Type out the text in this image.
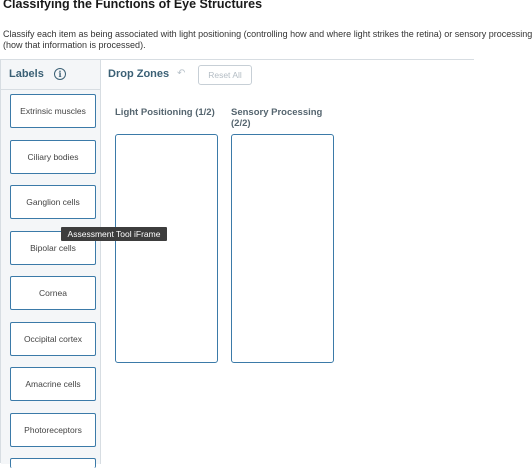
Classifying the Functions of Eye Structures
Classify each item as being associated with light positioning (controlling how and where light strikes the retina) or sensory processing
(how that information is processed).
Labels	i
Extrinsic muscles
Ciliary bodies
Ganglion cells
Bipolar cells
Cornea
Occipital cortex
Amacrine cells
Photoreceptors
Drop Zones ↶	Reset All
Light Positioning (1/2)	Sensory Processing (2/2)
Assessment Tool iFrame
